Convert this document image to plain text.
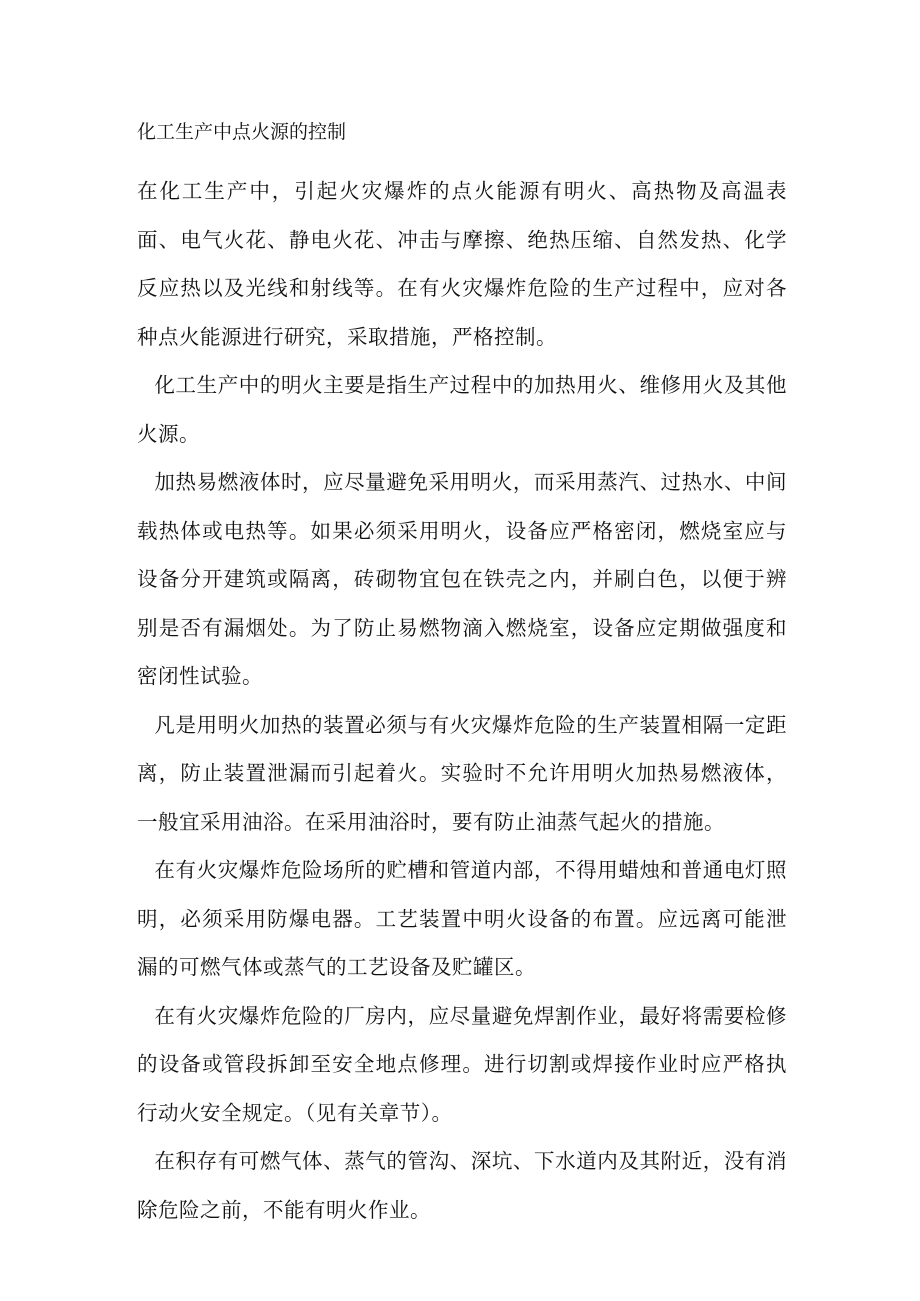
化工生产中点火源的控制

在化工生产中，引起火灾爆炸的点火能源有明火、高热物及高温表面、电气火花、静电火花、冲击与摩擦、绝热压缩、自然发热、化学反应热以及光线和射线等。在有火灾爆炸危险的生产过程中，应对各种点火能源进行研究，采取措施，严格控制。

化工生产中的明火主要是指生产过程中的加热用火、维修用火及其他火源。

加热易燃液体时，应尽量避免采用明火，而采用蒸汽、过热水、中间载热体或电热等。如果必须采用明火，设备应严格密闭，燃烧室应与设备分开建筑或隔离，砖砌物宜包在铁壳之内，并刷白色，以便于辨别是否有漏烟处。为了防止易燃物滴入燃烧室，设备应定期做强度和密闭性试验。

凡是用明火加热的装置必须与有火灾爆炸危险的生产装置相隔一定距离，防止装置泄漏而引起着火。实验时不允许用明火加热易燃液体，一般宜采用油浴。在采用油浴时，要有防止油蒸气起火的措施。

在有火灾爆炸危险场所的贮槽和管道内部，不得用蜡烛和普通电灯照明，必须采用防爆电器。工艺装置中明火设备的布置。应远离可能泄漏的可燃气体或蒸气的工艺设备及贮罐区。

在有火灾爆炸危险的厂房内，应尽量避免焊割作业，最好将需要检修的设备或管段拆卸至安全地点修理。进行切割或焊接作业时应严格执行动火安全规定。（见有关章节）。

在积存有可燃气体、蒸气的管沟、深坑、下水道内及其附近，没有消除危险之前，不能有明火作业。
